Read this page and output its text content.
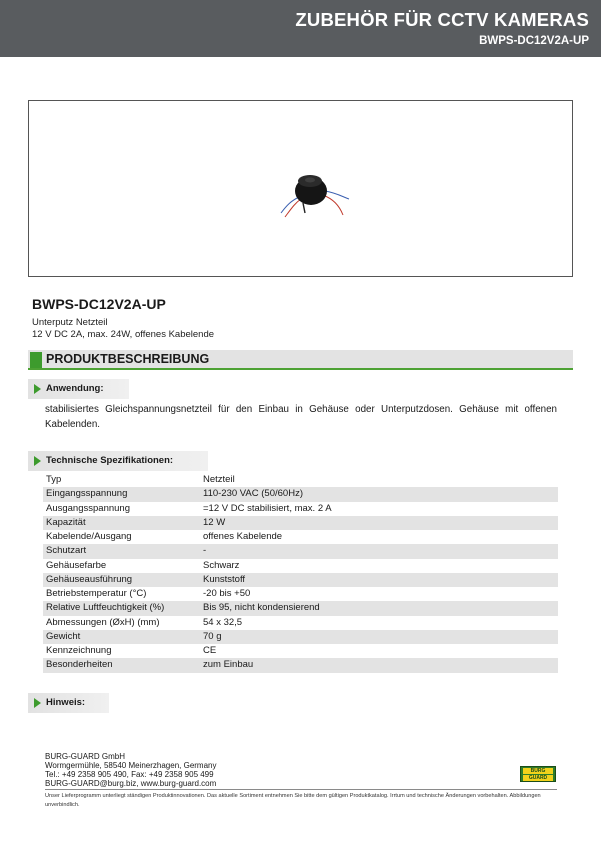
ZUBEHÖR FÜR CCTV KAMERAS
BWPS-DC12V2A-UP
BWPS-DC12V2A-UP
Unterputz Netzteil
12 V DC 2A, max. 24W, offenes Kabelende
PRODUKTBESCHREIBUNG
Anwendung:
stabilisiertes Gleichspannungsnetzteil für den Einbau in Gehäuse oder Unterputzdosen. Gehäuse mit offenen Kabelenden.
Technische Spezifikationen:
Typ	Netzteil
Eingangsspannung	110-230 VAC (50/60Hz)
Ausgangsspannung	=12 V DC stabilisiert, max. 2 A
Kapazität	12 W
Kabelende/Ausgang	offenes Kabelende
Schutzart	-
Gehäusefarbe	Schwarz
Gehäuseausführung	Kunststoff
Betriebstemperatur (°C)	-20 bis +50
Relative Luftfeuchtigkeit (%)	Bis 95, nicht kondensierend
Abmessungen (ØxH) (mm)	54 x 32,5
Gewicht	70 g
Kennzeichnung	CE
Besonderheiten	zum Einbau
Hinweis:
BURG-GUARD GmbH
Wormgermühle, 58540 Meinerzhagen, Germany
Tel.: +49 2358 905 490, Fax: +49 2358 905 499
BURG-GUARD@burg.biz, www.burg-guard.com
BURG
GUARD
Unser Lieferprogramm unterliegt ständigen Produktinnovationen. Das aktuelle Sortiment entnehmen Sie bitte dem gültigen Produktkatalog. Irrtum und technische Änderungen vorbehalten. Abbildungen unverbindlich.
